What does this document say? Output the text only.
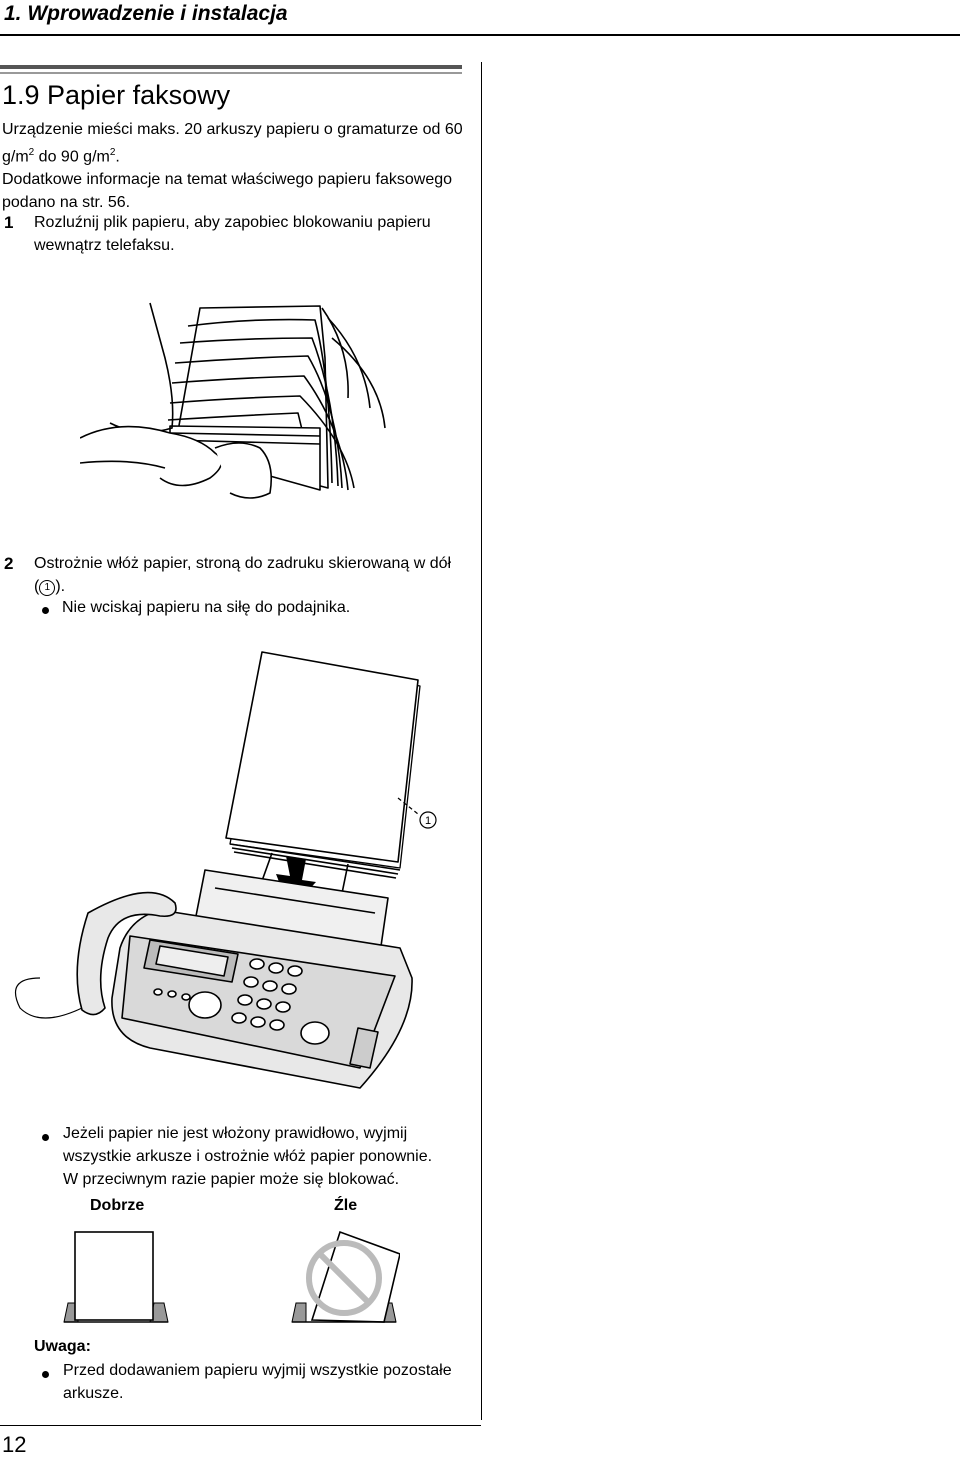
1. Wprowadzenie i instalacja
1.9 Papier faksowy
Urządzenie mieści maks. 20 arkuszy papieru o gramaturze od 60
$g/m^2$ do 90 $g/m^2$.
Dodatkowe informacje na temat właściwego papieru faksowego
podano na str. 56.
1 Rozluźnij plik papieru, aby zapobiec blokowaniu papieru
wewnątrz telefaksu.
2 Ostrożnie włóż papier, stroną do zadruku skierowaną w dół
( 1 ).
Nie wciskaj papieru na siłę do podajnika.
1
Jeżeli papier nie jest włożony prawidłowo, wyjmij
wszystkie arkusze i ostrożnie włóż papier ponownie.
W przeciwnym razie papier może się blokować.
Dobrze	Źle
Uwaga:
Przed dodawaniem papieru wyjmij wszystkie pozostałe
arkusze.
12
